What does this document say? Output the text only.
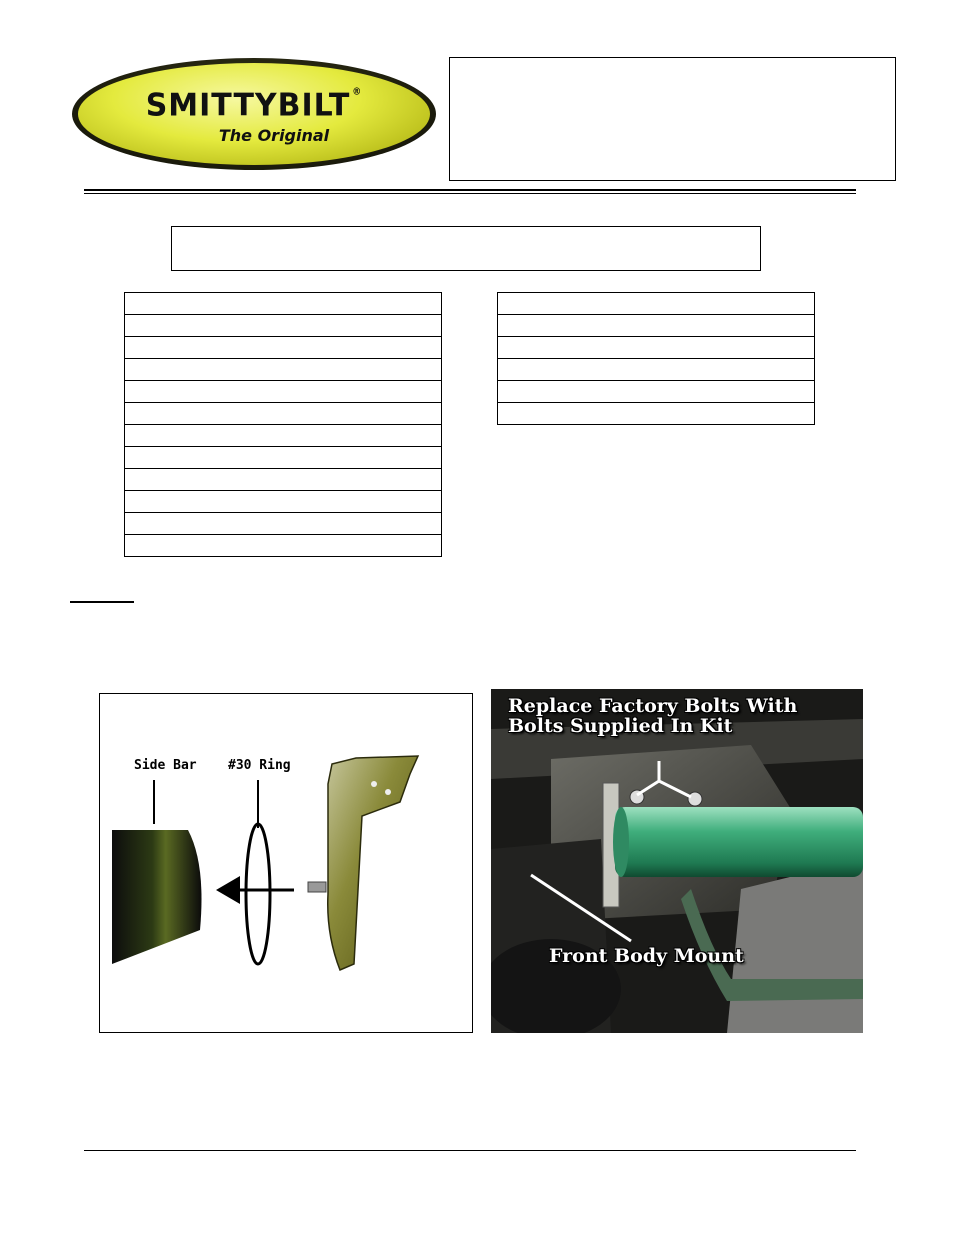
SMITTYBILT ®
The Original

Side Bar #30 Ring
Replace Factory Bolts With
Bolts Supplied In Kit
Front Body Mount
